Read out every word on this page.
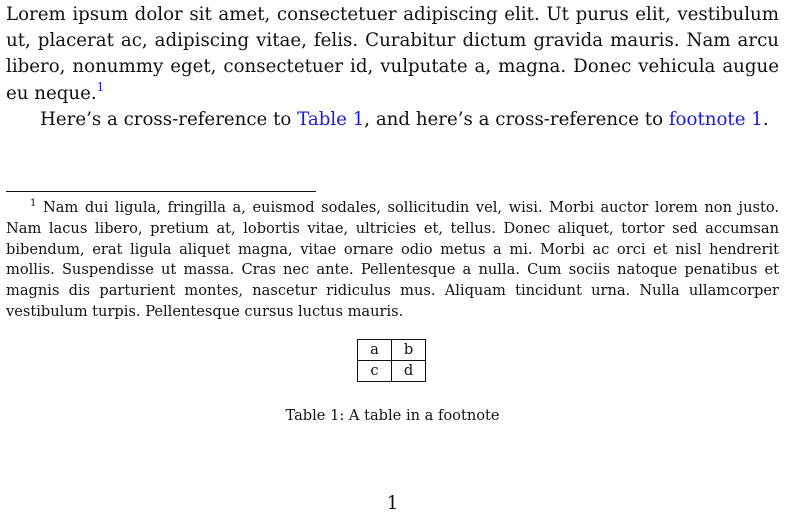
Lorem ipsum dolor sit amet, consectetuer adipiscing elit. Ut purus elit, vestibulum ut, placerat ac, adipiscing vitae, felis. Curabitur dictum gravida mauris. Nam arcu libero, nonummy eget, consectetuer id, vulputate a, magna. Donec vehicula augue eu neque.$^1$

Here’s a cross-reference to Table 1, and here’s a cross-reference to footnote 1.

$^1$ Nam dui ligula, fringilla a, euismod sodales, sollicitudin vel, wisi. Morbi auctor lorem non justo. Nam lacus libero, pretium at, lobortis vitae, ultricies et, tellus. Donec aliquet, tortor sed accumsan bibendum, erat ligula aliquet magna, vitae ornare odio metus a mi. Morbi ac orci et nisl hendrerit mollis. Suspendisse ut massa. Cras nec ante. Pellentesque a nulla. Cum sociis natoque penatibus et magnis dis parturient montes, nascetur ridiculus mus. Aliquam tincidunt urna. Nulla ullamcorper vestibulum turpis. Pellentesque cursus luctus mauris.

a	b
c	d
Table 1: A table in a footnote
1
